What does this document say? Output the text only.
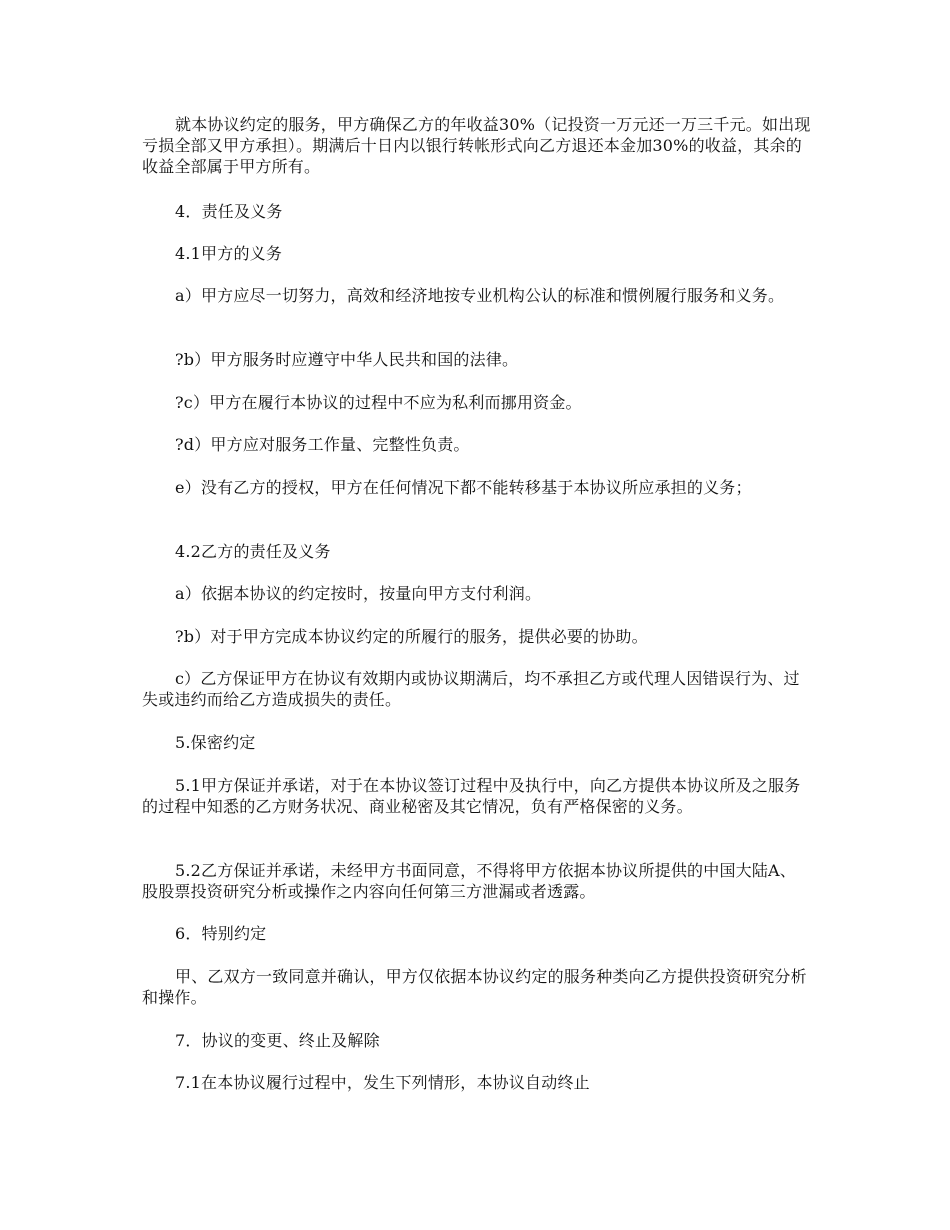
就本协议约定的服务，甲方确保乙方的年收益30%（记投资一万元还一万三千元。如出现亏损全部又甲方承担）。期满后十日内以银行转帐形式向乙方退还本金加30%的收益，其余的收益全部属于甲方所有。
4．责任及义务
4.1甲方的义务
a）甲方应尽一切努力，高效和经济地按专业机构公认的标准和惯例履行服务和义务。
?b）甲方服务时应遵守中华人民共和国的法律。
?c）甲方在履行本协议的过程中不应为私利而挪用资金。
?d）甲方应对服务工作量、完整性负责。
e）没有乙方的授权，甲方在任何情况下都不能转移基于本协议所应承担的义务；
4.2乙方的责任及义务
a）依据本协议的约定按时，按量向甲方支付利润。
?b）对于甲方完成本协议约定的所履行的服务，提供必要的协助。
c）乙方保证甲方在协议有效期内或协议期满后，均不承担乙方或代理人因错误行为、过失或违约而给乙方造成损失的责任。
5.保密约定
5.1甲方保证并承诺，对于在本协议签订过程中及执行中，向乙方提供本协议所及之服务的过程中知悉的乙方财务状况、商业秘密及其它情况，负有严格保密的义务。
5.2乙方保证并承诺，未经甲方书面同意，不得将甲方依据本协议所提供的中国大陆A、股股票投资研究分析或操作之内容向任何第三方泄漏或者透露。
6．特别约定
甲、乙双方一致同意并确认，甲方仅依据本协议约定的服务种类向乙方提供投资研究分析和操作。
7．协议的变更、终止及解除
7.1在本协议履行过程中，发生下列情形，本协议自动终止
